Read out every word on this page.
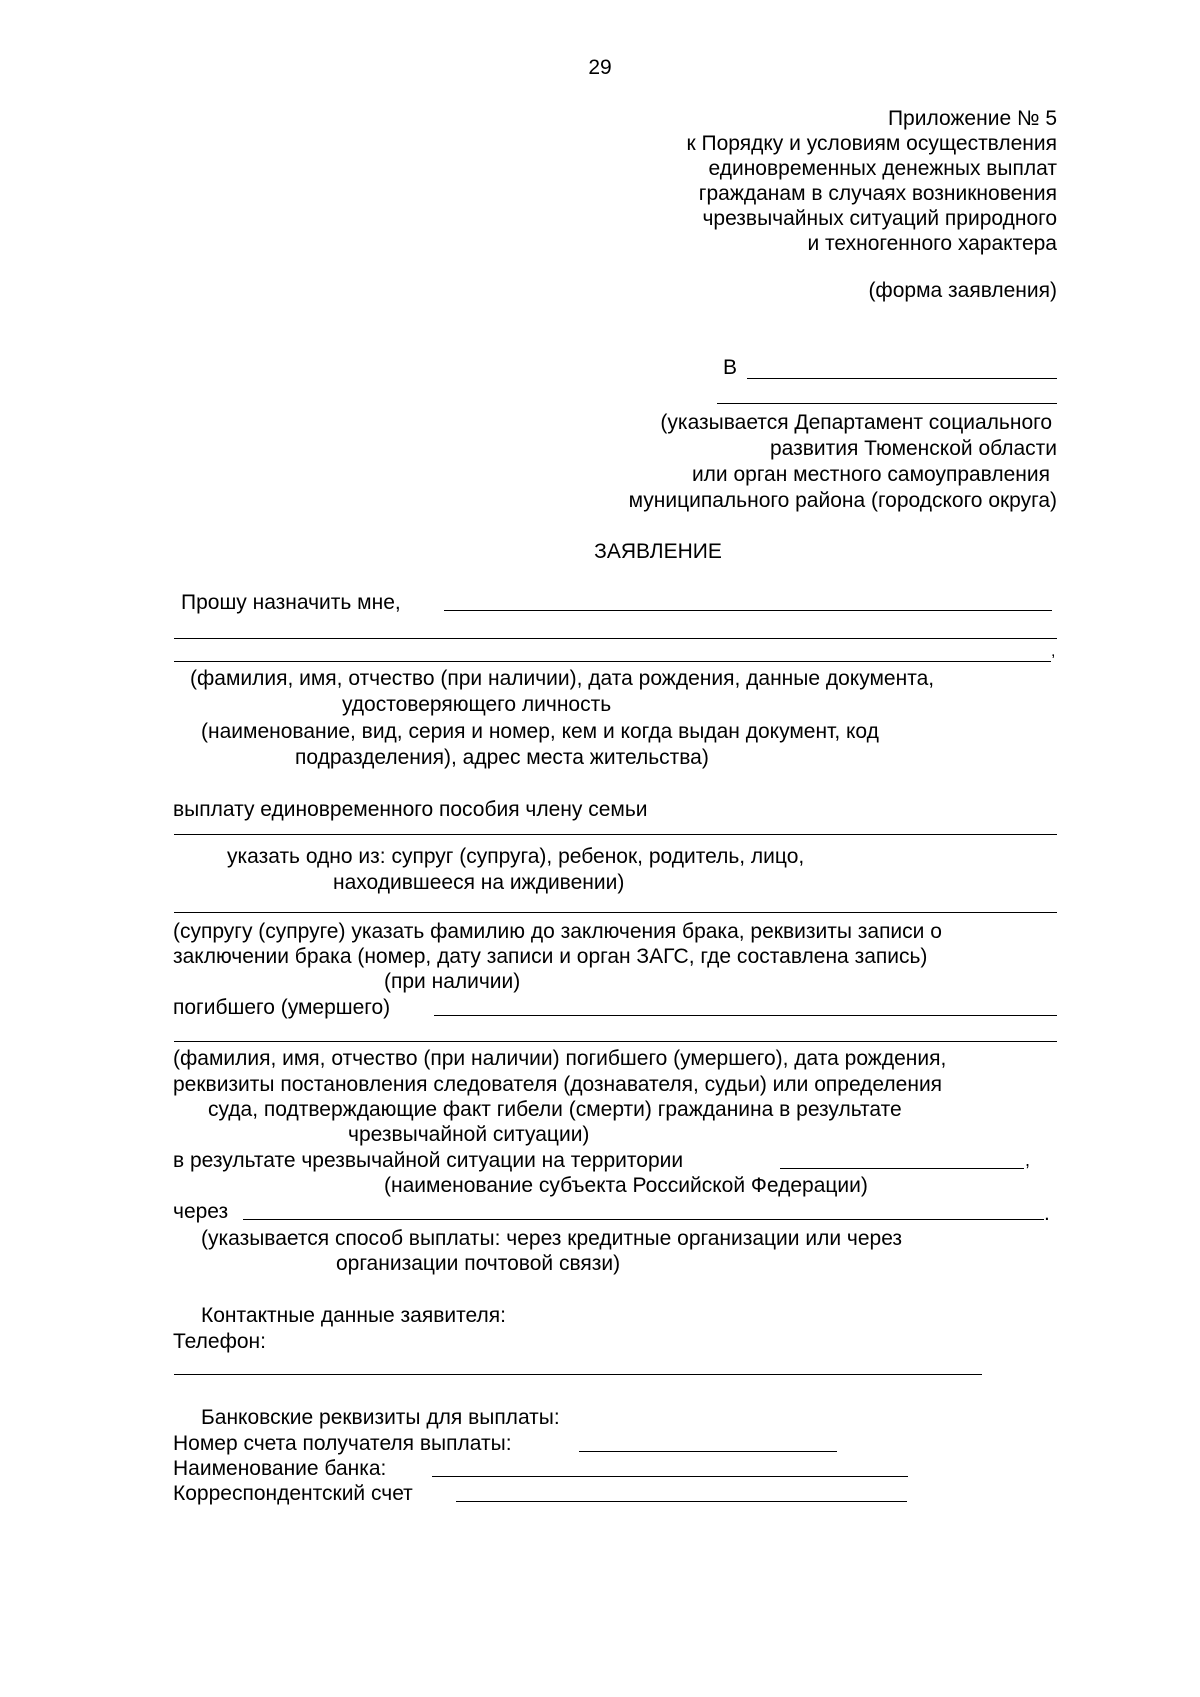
29
Приложение № 5
к Порядку и условиям осуществления
единовременных денежных выплат
гражданам в случаях возникновения
чрезвычайных ситуаций природного
и техногенного характера
(форма заявления)
В
(указывается Департамент социального
развития Тюменской области
или орган местного самоуправления
муниципального района (городского округа)
ЗАЯВЛЕНИЕ
Прошу назначить мне,
,
(фамилия, имя, отчество (при наличии), дата рождения, данные документа,
удостоверяющего личность
(наименование, вид, серия и номер, кем и когда выдан документ, код
подразделения), адрес места жительства)
выплату единовременного пособия члену семьи
указать одно из: супруг (супруга), ребенок, родитель, лицо,
находившееся на иждивении)
(супругу (супруге) указать фамилию до заключения брака, реквизиты записи о
заключении брака (номер, дату записи и орган ЗАГС, где составлена запись)
(при наличии)
погибшего (умершего)
(фамилия, имя, отчество (при наличии) погибшего (умершего), дата рождения,
реквизиты постановления следователя (дознавателя, судьи) или определения
суда, подтверждающие факт гибели (смерти) гражданина в результате
чрезвычайной ситуации)
в результате чрезвычайной ситуации на территории	,
(наименование субъекта Российской Федерации)
через	.
(указывается способ выплаты: через кредитные организации или через
организации почтовой связи)
Контактные данные заявителя:
Телефон:
Банковские реквизиты для выплаты:
Номер счета получателя выплаты:
Наименование банка:
Корреспондентский счет
